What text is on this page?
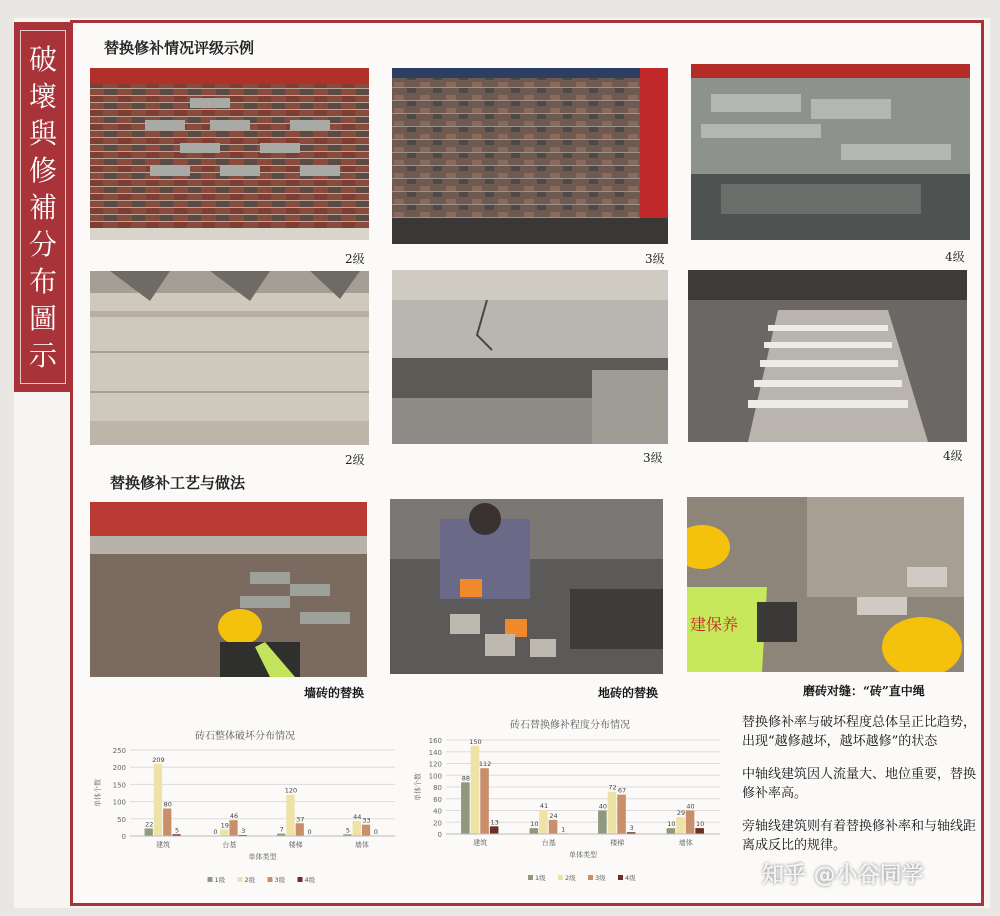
破
壞
與
修
補
分
布
圖
示
替换修补情况评级示例
2级	3级	4级
2级	3级	4级
替换修补工艺与做法
建保养
墙砖的替换	地砖的替换	磨砖对缝：“砖”直中绳
砖石整体破坏分布情况
0
50
100
150
200
250
单体个数
22
209
80
5
建筑
0
19
46
3
台基
7
120
37
0
楼梯
5
44 33
0
墙体
单体类型
1级	2级	3级	4级
砖石替换修补程度分布情况
0
20
40
60
80
100
120
140
160
单体个数	88
150
112
13
建筑
10
41
24
1
台基
40
72 67
3
楼梯
10
29
40
10
墙体
单体类型
1级	2级	3级	4级

替换修补率与破坏程度总体呈正比趋势，出现“越修越坏，越坏越修”的状态

中轴线建筑因人流量大、地位重要，替换修补率高。

旁轴线建筑则有着替换修补率和与轴线距离成反比的规律。

知乎 @小谷同学
